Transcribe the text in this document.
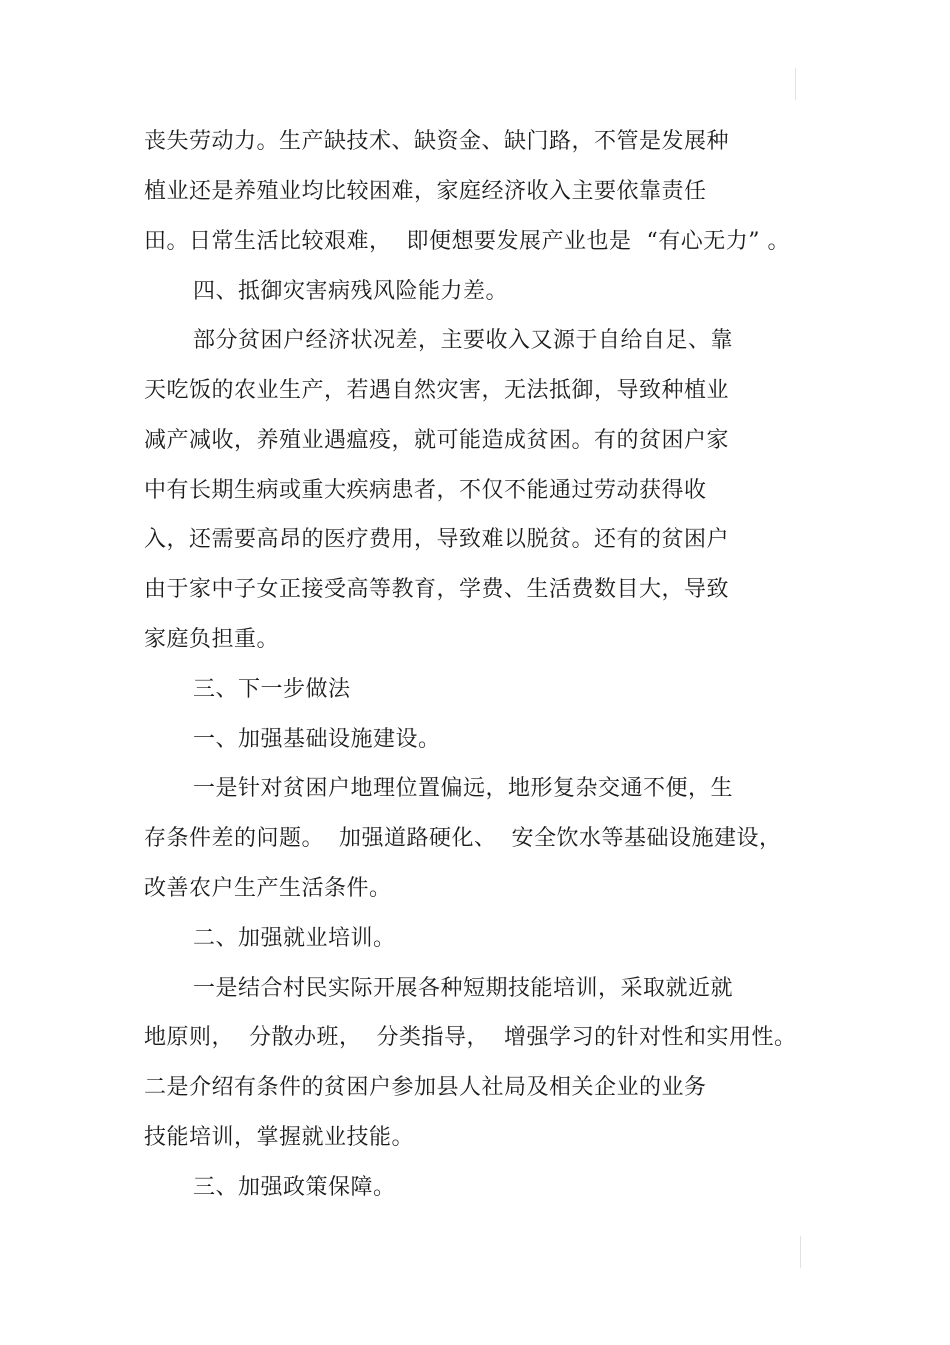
丧失劳动力。生产缺技术、缺资金、缺门路，不管是发展种
植业还是养殖业均比较困难，家庭经济收入主要依靠责任
田。日常生活比较艰难，  即便想要发展产业也是  “有心无力” 。
四、抵御灾害病残风险能力差。
部分贫困户经济状况差，主要收入又源于自给自足、靠
天吃饭的农业生产，若遇自然灾害，无法抵御，导致种植业
减产减收，养殖业遇瘟疫，就可能造成贫困。有的贫困户家
中有长期生病或重大疾病患者，不仅不能通过劳动获得收
入，还需要高昂的医疗费用，导致难以脱贫。还有的贫困户
由于家中子女正接受高等教育，学费、生活费数目大，导致
家庭负担重。
三、下一步做法
一、加强基础设施建设。
一是针对贫困户地理位置偏远，地形复杂交通不便，生
存条件差的问题。  加强道路硬化、  安全饮水等基础设施建设，
改善农户生产生活条件。
二、加强就业培训。
一是结合村民实际开展各种短期技能培训，采取就近就
地原则，  分散办班，  分类指导，  增强学习的针对性和实用性。
二是介绍有条件的贫困户参加县人社局及相关企业的业务
技能培训，掌握就业技能。
三、加强政策保障。
